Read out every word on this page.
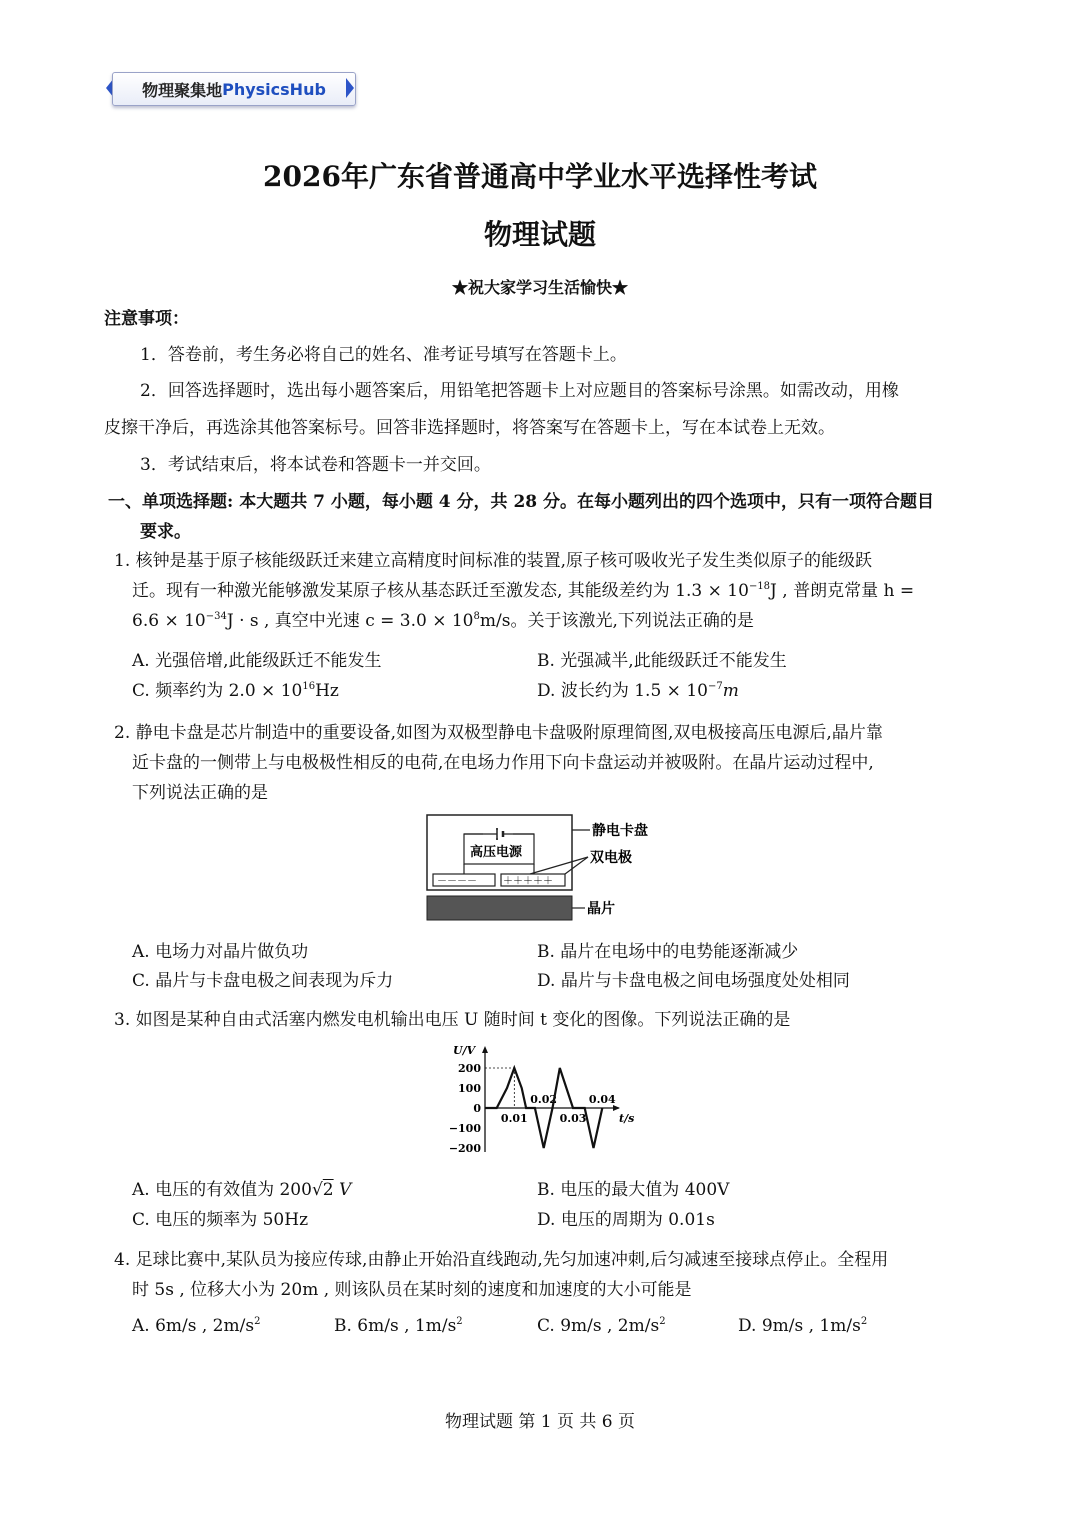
物理聚集地 PhysicsHub
2026年广东省普通高中学业水平选择性考试
物理试题
★祝大家学习生活愉快★
注意事项：
1．答卷前，考生务必将自己的姓名、准考证号填写在答题卡上。
2．回答选择题时，选出每小题答案后，用铅笔把答题卡上对应题目的答案标号涂黑。如需改动，用橡
皮擦干净后，再选涂其他答案标号。回答非选择题时，将答案写在答题卡上，写在本试卷上无效。
3．考试结束后，将本试卷和答题卡一并交回。
一、单项选择题: 本大题共 7 小题，每小题 4 分，共 28 分。在每小题列出的四个选项中，只有一项符合题目
要求。
1. 核钟是基于原子核能级跃迁来建立高精度时间标准的装置,原子核可吸收光子发生类似原子的能级跃
迁。现有一种激光能够激发某原子核从基态跃迁至激发态, 其能级差约为 $1.3 \times 10^{-18}J$ , 普朗克常量 h =
$6.6 \times 10^{-34}J \cdot s$ , 真空中光速 $c = 3.0 \times 10^8m/s$。关于该激光,下列说法正确的是
A. 光强倍增,此能级跃迁不能发生	B. 光强减半,此能级跃迁不能发生
C. 频率约为 $2.0 \times 10^{16}Hz$	D. 波长约为 $1.5 \times 10^{-7}m$
2. 静电卡盘是芯片制造中的重要设备,如图为双极型静电卡盘吸附原理简图,双电极接高压电源后,晶片靠
近卡盘的一侧带上与电极极性相反的电荷,在电场力作用下向卡盘运动并被吸附。在晶片运动过程中,
下列说法正确的是
高压电源
－－－－	＋＋＋＋＋
静电卡盘
双电极
晶片
A. 电场力对晶片做负功	B. 晶片在电场中的电势能逐渐减少
C. 晶片与卡盘电极之间表现为斥力	D. 晶片与卡盘电极之间电场强度处处相同
3. 如图是某种自由式活塞内燃发电机输出电压 U 随时间 t 变化的图像。下列说法正确的是
U/V
t/s
200
100
0
−100
−200
0.01
0.02
0.03
0.04
A. 电压的有效值为 200√2 V	B. 电压的最大值为 400V
C. 电压的频率为 50Hz	D. 电压的周期为 0.01s
4. 足球比赛中,某队员为接应传球,由静止开始沿直线跑动,先匀加速冲刺,后匀减速至接球点停止。全程用
时 5s , 位移大小为 20m , 则该队员在某时刻的速度和加速度的大小可能是
A. 6m/s , $2m/s^2$	B. 6m/s , $1m/s^2$	C. 9m/s , $2m/s^2$	D. 9m/s , $1m/s^2$
物理试题 第 1 页 共 6 页
